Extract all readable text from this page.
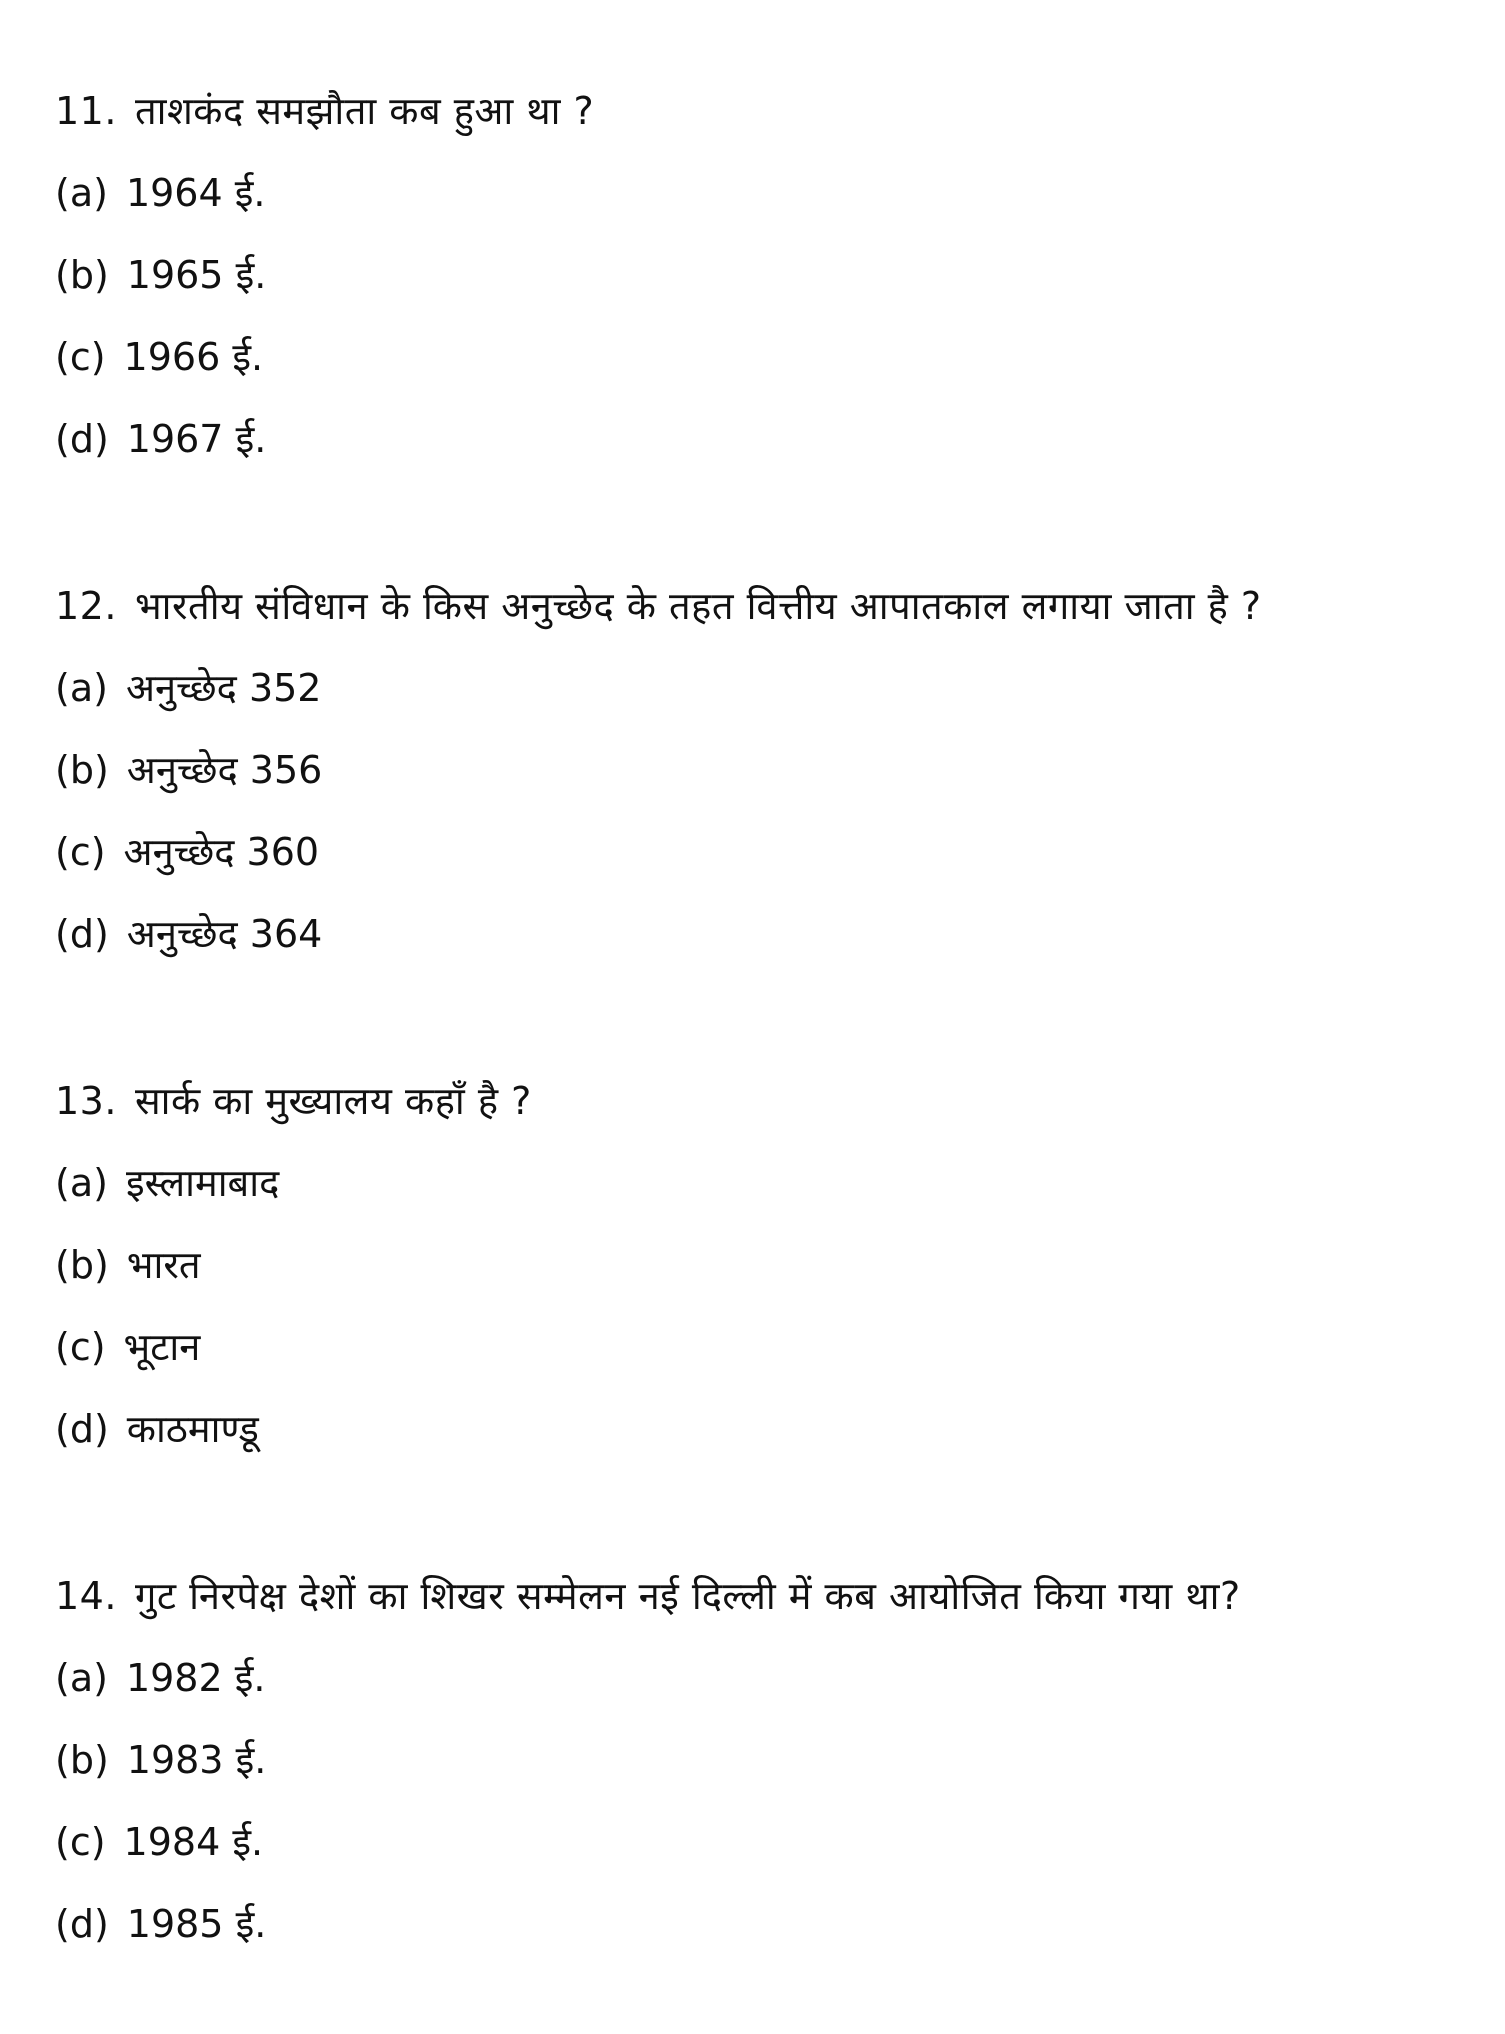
11. ताशकंद समझौता कब हुआ था ?
(a) 1964 ई.
(b) 1965 ई.
(c) 1966 ई.
(d) 1967 ई.
12. भारतीय संविधान के किस अनुच्छेद के तहत वित्तीय आपातकाल लगाया जाता है ?
(a) अनुच्छेद 352
(b) अनुच्छेद 356
(c) अनुच्छेद 360
(d) अनुच्छेद 364
13. सार्क का मुख्यालय कहाँ है ?
(a) इस्लामाबाद
(b) भारत
(c) भूटान
(d) काठमाण्डू
14. गुट निरपेक्ष देशों का शिखर सम्मेलन नई दिल्ली में कब आयोजित किया गया था?
(a) 1982 ई.
(b) 1983 ई.
(c) 1984 ई.
(d) 1985 ई.
